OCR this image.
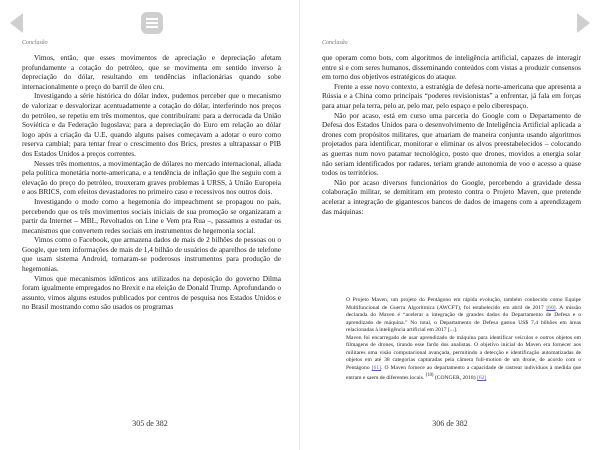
Conclusão

Vimos, então, que esses movimentos de apreciação e depreciação afetam profundamente a cotação do petróleo, que se movimenta em sentido inverso à depreciação do dólar, resultando em tendências inflacionárias quando sobe internacionalmente o preço do barril de óleo cru.

Investigando a série histórica do dólar index, pudemos perceber que o mecanismo de valorizar e desvalorizar acentuadamente a cotação do dólar, interferindo nos preços do petróleo, se repetiu em três momentos, que contribuíram: para a derrocada da União Soviética e da Federação Iugoslava; para a depreciação do Euro em relação ao dólar logo após a criação da U.E, quando alguns países começavam a adotar o euro como reserva cambial; para tentar frear o crescimento dos Brics, prestes a ultrapassar o PIB dos Estados Unidos a preços correntes.

Nesses três momentos, a movimentação de dólares no mercado internacional, aliada pela política monetária norte-americana, e a tendência de inflação que lhe seguiu com a elevação do preço do petróleo, trouxeram graves problemas à URSS, à União Europeia e aos BRICS, com efeitos devastadores no primeiro caso e recessivos nos outros dois.

Investigando o modo como a hegemonia do impeachment se propagou no país, percebendo que os três movimentos sociais iniciais de sua promoção se organizaram a partir da Internet – MBL, Revoltados on Line e Vem pra Rua –, passamos a estudar os mecanismos que convertem redes sociais em instrumentos de hegemonia social.

Vimos como o Facebook, que armazena dados de mais de 2 bilhões de pessoas ou o Google, que tem informações de mais de 1,4 bilhão de usuários de aparelhos de telefone que usam sistema Android, tornaram-se poderosos instrumentos para produção de hegemonias.

Vimos que mecanismos idênticos aos utilizados na deposição do governo Dilma foram igualmente empregados no Brexit e na eleição de Donald Trump. Aprofundando o assunto, vimos alguns estudos publicados por centros de pesquisa nos Estados Unidos e no Brasil mostrando como são usados os programas

305 de 382
Conclusão

que operam como bots, com algoritmos de inteligência artificial, capazes de interagir entre si e com seres humanos, disseminando conteúdos com vistas a produzir consensos em torno dos objetivos estratégicos do ataque.

Frente a esse novo contexto, a estratégia de defesa norte-americana que apresenta a Rússia e a China como principais “poderes revisionistas” a enfrentar, já fala em forças para atuar pela terra, pelo ar, pelo mar, pelo espaço e pelo ciberespaço.

Não por acaso, está em curso uma parceria do Google com o Departamento de Defesa dos Estados Unidos para o desenvolvimento de Inteligência Artificial aplicada a drones com propósitos militares, que atuariam de maneira conjunta usando algoritmos projetados para identificar, monitorar e eliminar os alvos preestabelecidos – colocando as guerras num novo patamar tecnológico, posto que drones, movidos a energia solar não seriam identificados por radares, teriam grande autonomia de voo e acesso a quase todos os territórios.

Não por acaso diversos funcionários do Google, percebendo a gravidade dessa colaboração militar, se demitiram em protesto contra o Projeto Maven, que pretende acelerar a integração de gigantescos bancos de dados de imagens com a aprendizagem das máquinas:

O Projeto Maven, um projeto do Pentágono em rápida evolução, também conhecido como Equipe Multifuncional de Guerra Algorítmica (AWCFT), foi estabelecido em abril de 2017 [60]. A missão declarada do Maven é “acelerar a integração de grandes dados do Departamento de Defesa e o aprendizado de máquina.” No total, o Departamento de Defesa gastou US$ 7,4 bilhões em áreas relacionadas à inteligência artificial em 2017 [...].

Maven foi encarregado de usar aprendizado de máquina para identificar veículos e outros objetos em filmagens de drones, tirando esse fardo dos analistas. O objetivo inicial do Maven era fornecer aos militares uma visão computacional avançada, permitindo a detecção e identificação automatizadas de objetos em até 38 categorias capturadas pela câmera full-motion de um drone, de acordo com o Pentágono [61]. O Maven fornece ao departamento a capacidade de rastrear indivíduos à medida que entram e saem de diferentes locais. $^{(10)}$ (CONGER, 2018) [62]

306 de 382
